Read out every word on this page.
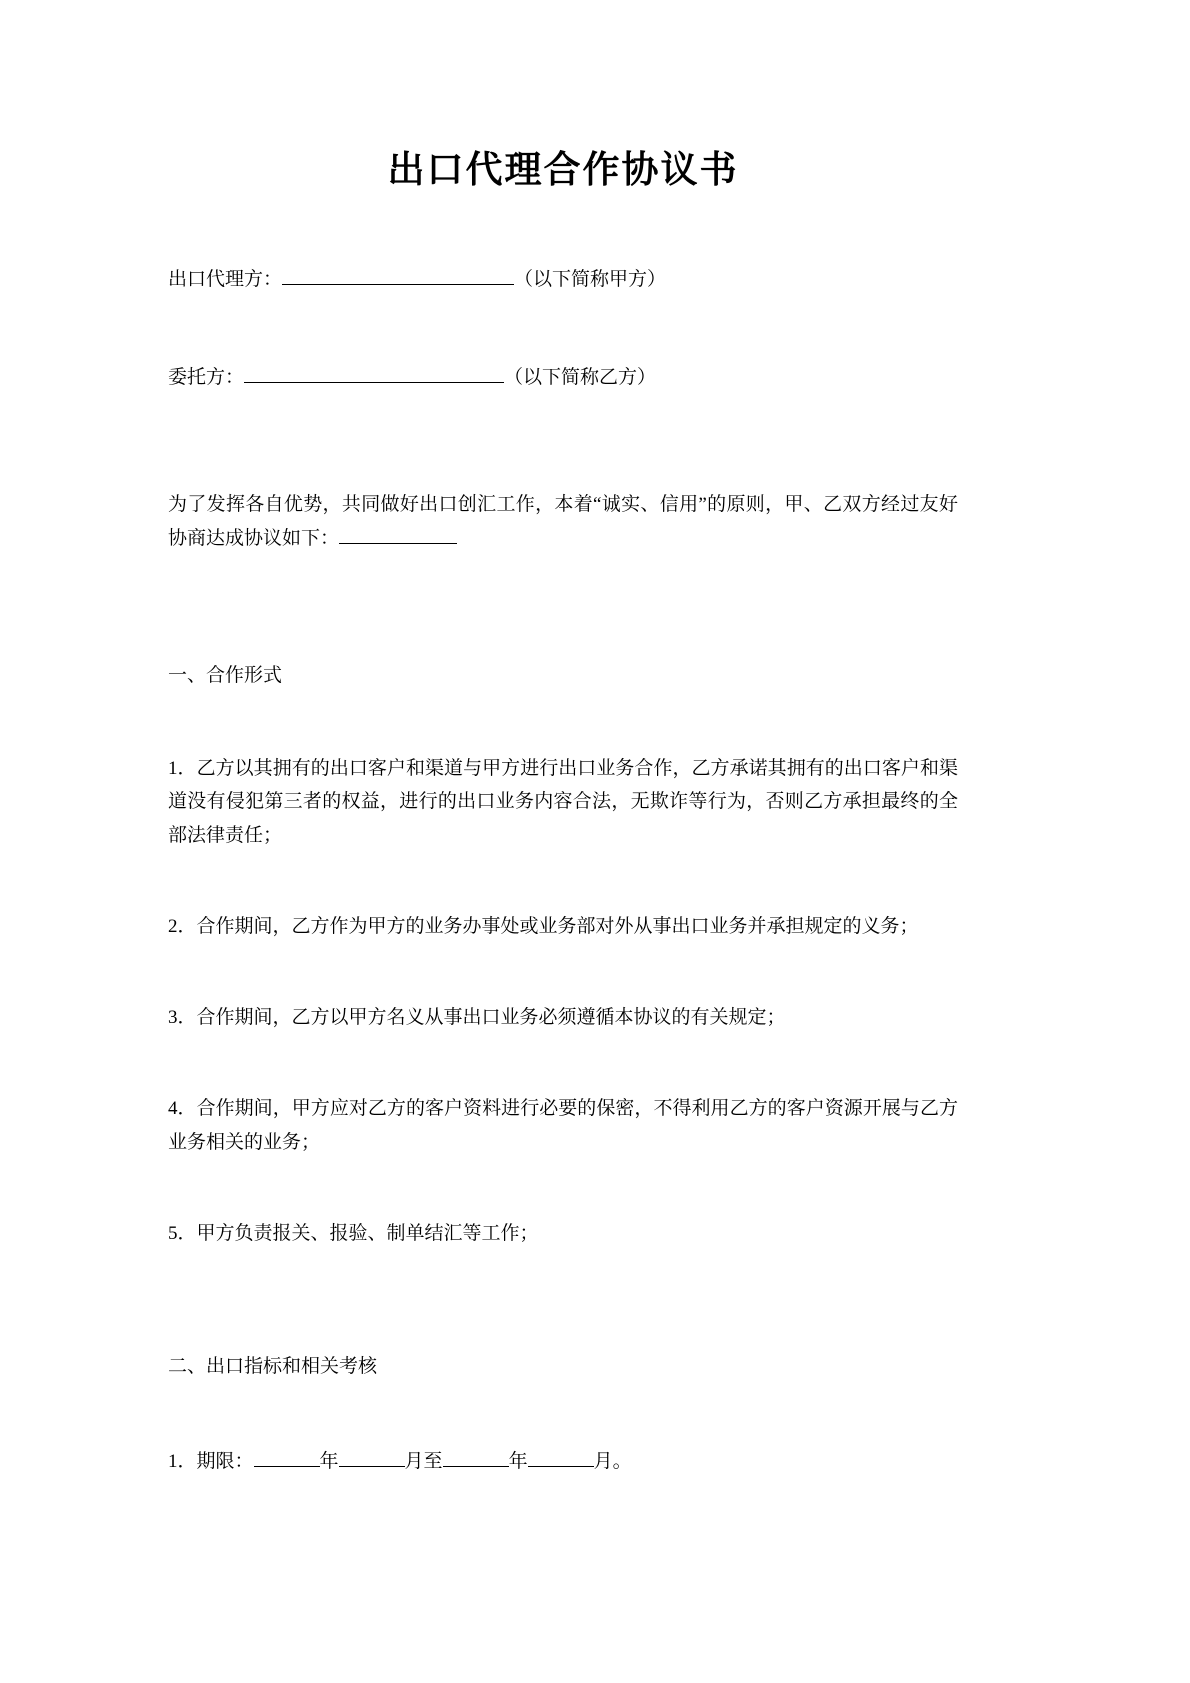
出口代理合作协议书
出口代理方：	（以下简称甲方）
委托方：	（以下简称乙方）

为了发挥各自优势，共同做好出口创汇工作，本着“诚实、信用”的原则，甲、乙双方经过友好协商达成协议如下：

一、合作形式

1．乙方以其拥有的出口客户和渠道与甲方进行出口业务合作，乙方承诺其拥有的出口客户和渠道没有侵犯第三者的权益，进行的出口业务内容合法，无欺诈等行为，否则乙方承担最终的全部法律责任；

2．合作期间，乙方作为甲方的业务办事处或业务部对外从事出口业务并承担规定的义务；

3．合作期间，乙方以甲方名义从事出口业务必须遵循本协议的有关规定；

4．合作期间，甲方应对乙方的客户资料进行必要的保密，不得利用乙方的客户资源开展与乙方业务相关的业务；

5．甲方负责报关、报验、制单结汇等工作；

二、出口指标和相关考核

1．期限：	年	月至	年	月。
